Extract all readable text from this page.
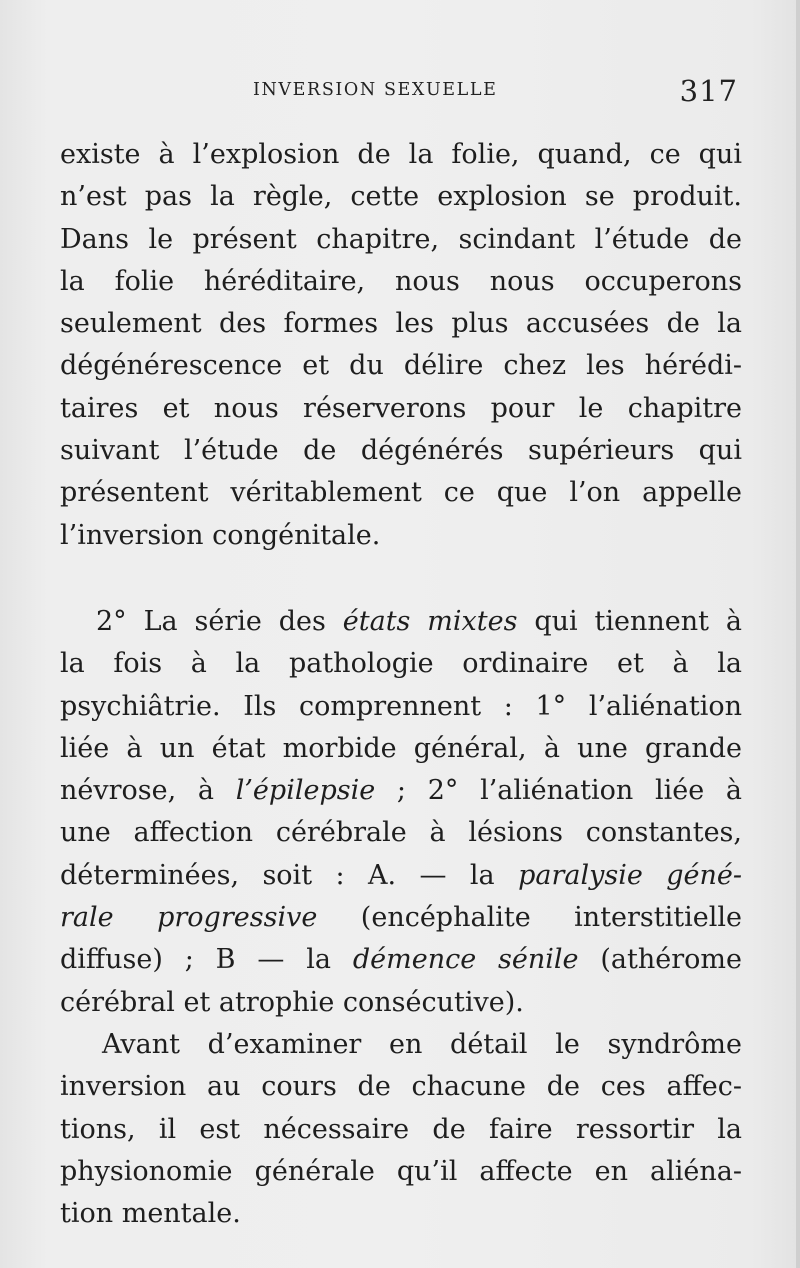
INVERSION SEXUELLE	317
existe à l’explosion de la folie, quand, ce qui
n’est pas la règle, cette explosion se produit.
Dans le présent chapitre, scindant l’étude de
la folie héréditaire, nous nous occuperons
seulement des formes les plus accusées de la
dégénérescence et du délire chez les hérédi-
taires et nous réserverons pour le chapitre
suivant l’étude de dégénérés supérieurs qui
présentent véritablement ce que l’on appelle
l’inversion congénitale.
2° La série des états mixtes qui tiennent à
la fois à la pathologie ordinaire et à la
psychiâtrie. Ils comprennent : 1° l’aliénation
liée à un état morbide général, à une grande
névrose, à l’épilepsie ; 2° l’aliénation liée à
une affection cérébrale à lésions constantes,
déterminées, soit : A. — la paralysie géné-
rale progressive (encéphalite interstitielle
diffuse) ; B — la démence sénile (athérome
cérébral et atrophie consécutive).
Avant d’examiner en détail le syndrôme
inversion au cours de chacune de ces affec-
tions, il est nécessaire de faire ressortir la
physionomie générale qu’il affecte en aliéna-
tion mentale.
